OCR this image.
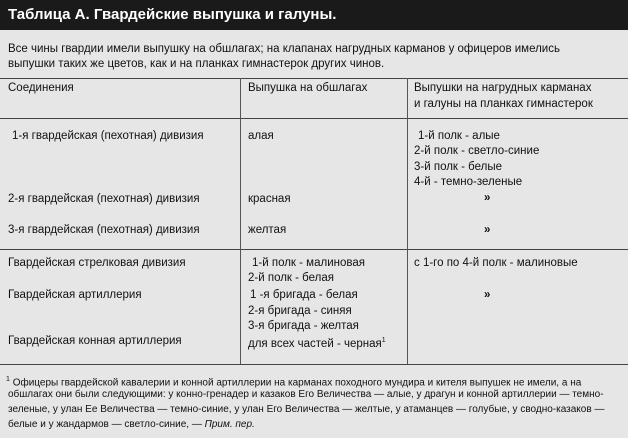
Таблица А. Гвардейские выпушка и галуны.
Все чины гвардии имели выпушку на обшлагах; на клапанах нагрудных карманов у офицеров имелись
выпушки таких же цветов, как и на планках гимнастерок других чинов.
Соединения	Выпушка на обшлагах	Выпушки на нагрудных карманах
и галуны на планках гимнастерок
1-я гвардейская (пехотная) дивизия
2-я гвардейская (пехотная) дивизия
3-я гвардейская (пехотная) дивизия
Гвардейская стрелковая дивизия
Гвардейская артиллерия
Гвардейская конная артиллерия
алая
красная
желтая
1-й полк - малиновая
2-й полк - белая
1 -я бригада - белая
2-я бригада - синяя
3-я бригада - желтая
для всех частей - черная$^1$
1-й полк - алые
2-й полк - светло-синие
3-й полк - белые
4-й - темно-зеленые
»
»
с 1-го по 4-й полк - малиновые
»
$^1$ Офицеры гвардейской кавалерии и конной артиллерии на карманах походного мундира и кителя выпушек не имели, а на
обшлагах они были следующими: у конно-гренадер и казаков Его Величества — алые, у драгун и конной артиллерии — темно-
зеленые, у улан Ее Величества — темно-синие, у улан Его Величества — желтые, у атаманцев — голубые, у сводно-казаков —
белые и у жандармов — светло-синие, — Прим. пер.
